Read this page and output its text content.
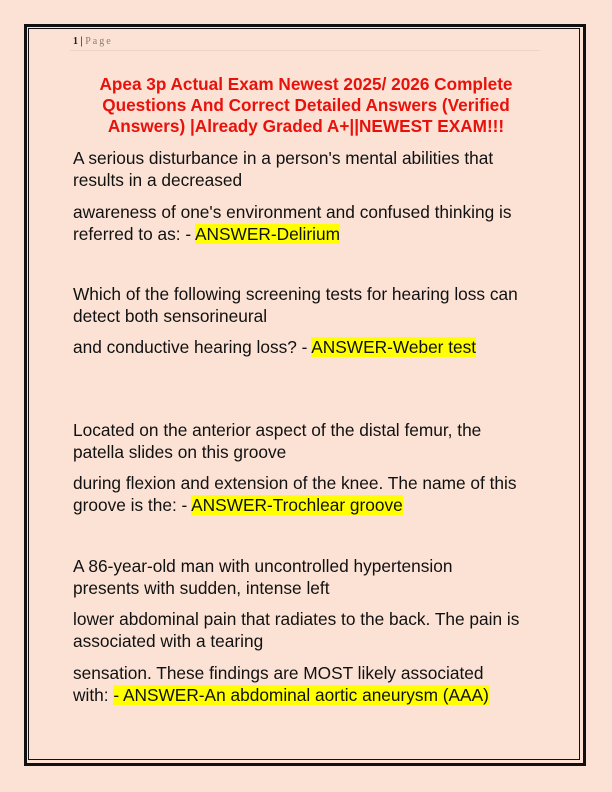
1 | Page
Apea 3p Actual Exam Newest 2025/ 2026 Complete
Questions And Correct Detailed Answers (Verified
Answers) |Already Graded A+||NEWEST EXAM!!!
A serious disturbance in a person's mental abilities that
results in a decreased
awareness of one's environment and confused thinking is
referred to as: - ANSWER-Delirium
Which of the following screening tests for hearing loss can
detect both sensorineural
and conductive hearing loss? - ANSWER-Weber test
Located on the anterior aspect of the distal femur, the
patella slides on this groove
during flexion and extension of the knee. The name of this
groove is the: - ANSWER-Trochlear groove
A 86-year-old man with uncontrolled hypertension
presents with sudden, intense left
lower abdominal pain that radiates to the back. The pain is
associated with a tearing
sensation. These findings are MOST likely associated
with: - ANSWER-An abdominal aortic aneurysm (AAA)
